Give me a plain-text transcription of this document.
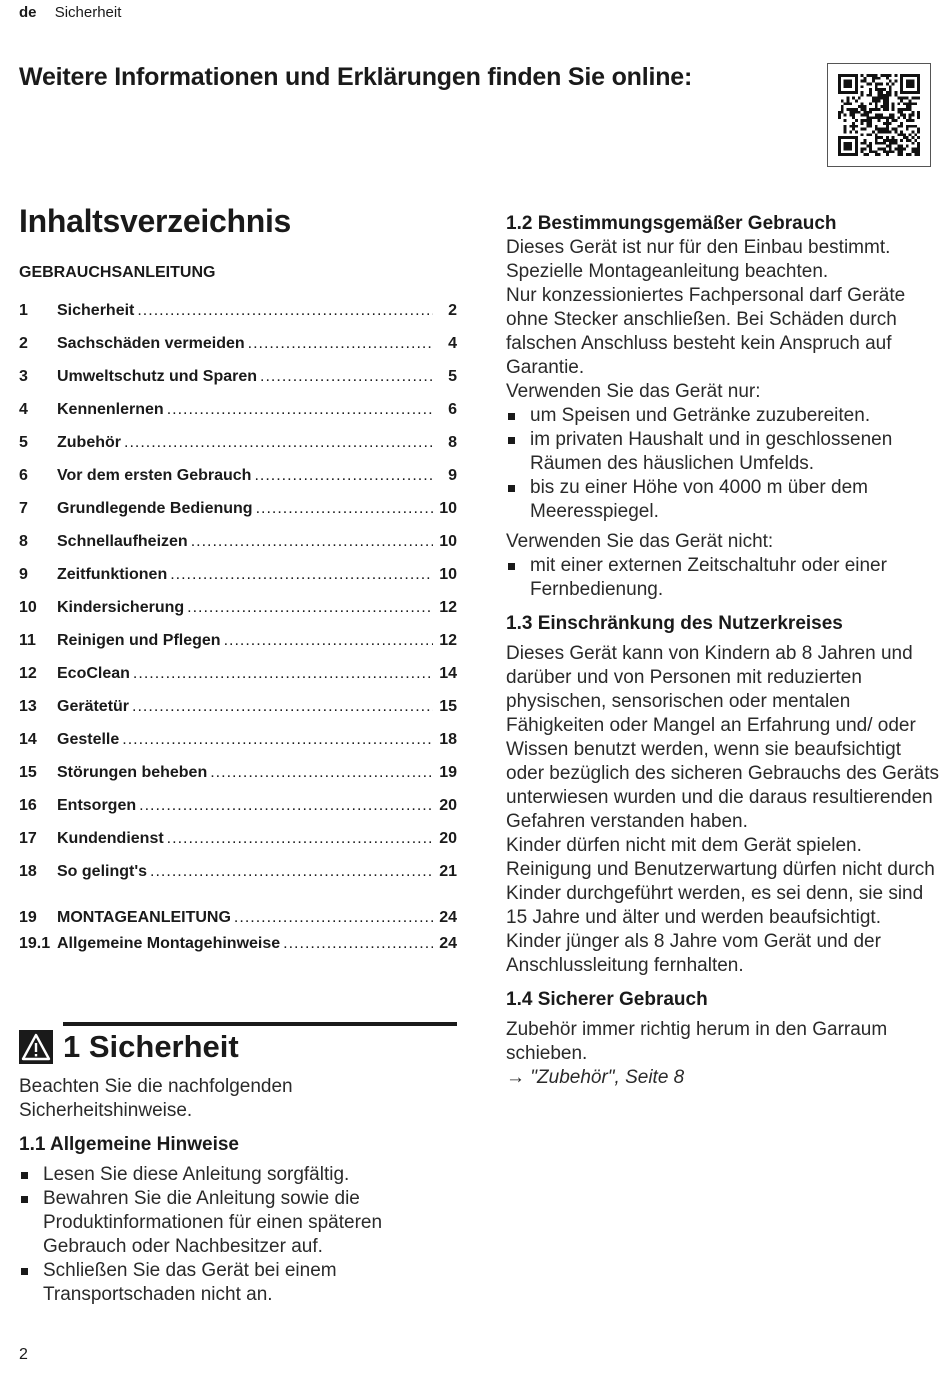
de Sicherheit
Weitere Informationen und Erklärungen finden Sie online:
Inhaltsverzeichnis
GEBRAUCHSANLEITUNG
1	Sicherheit .....	2
2	Sachschäden vermeiden .....	4
3	Umweltschutz und Sparen .....	5
4	Kennenlernen .....	6
5	Zubehör .....	8
6	Vor dem ersten Gebrauch .....	9
7	Grundlegende Bedienung .....	10
8	Schnellaufheizen .....	10
9	Zeitfunktionen .....	10
10	Kindersicherung .....	12
11	Reinigen und Pflegen .....	12
12	EcoClean .....	14
13	Gerätetür .....	15
14	Gestelle .....	18
15	Störungen beheben .....	19
16	Entsorgen .....	20
17	Kundendienst .....	20
18	So gelingt's .....	21
19	MONTAGEANLEITUNG .....	24
19.1 Allgemeine Montagehinweise .....	24
1 Sicherheit

Beachten Sie die nachfolgenden Sicherheitshinweise.

1.1 Allgemeine Hinweise
Lesen Sie diese Anleitung sorgfältig.
Bewahren Sie die Anleitung sowie die Produktinformationen für einen späteren Gebrauch oder Nachbesitzer auf.
Schließen Sie das Gerät bei einem Transportschaden nicht an.
1.2 Bestimmungsgemäßer Gebrauch

Dieses Gerät ist nur für den Einbau bestimmt. Spezielle Montageanleitung beachten.

Nur konzessioniertes Fachpersonal darf Geräte ohne Stecker anschließen. Bei Schäden durch falschen Anschluss besteht kein Anspruch auf Garantie.

Verwenden Sie das Gerät nur:

um Speisen und Getränke zuzubereiten.
im privaten Haushalt und in geschlossenen Räumen des häuslichen Umfelds.
bis zu einer Höhe von 4000 m über dem Meeresspiegel.

Verwenden Sie das Gerät nicht:

mit einer externen Zeitschaltuhr oder einer Fernbedienung.
1.3 Einschränkung des Nutzerkreises

Dieses Gerät kann von Kindern ab 8 Jahren und darüber und von Personen mit reduzierten physischen, sensorischen oder mentalen Fähigkeiten oder Mangel an Erfahrung und/ oder Wissen benutzt werden, wenn sie beaufsichtigt oder bezüglich des sicheren Gebrauchs des Geräts unterwiesen wurden und die daraus resultierenden Gefahren verstanden haben.

Kinder dürfen nicht mit dem Gerät spielen.

Reinigung und Benutzerwartung dürfen nicht durch Kinder durchgeführt werden, es sei denn, sie sind 15 Jahre und älter und werden beaufsichtigt.

Kinder jünger als 8 Jahre vom Gerät und der Anschlussleitung fernhalten.

1.4 Sicherer Gebrauch

Zubehör immer richtig herum in den Garraum schieben.

→ "Zubehör", Seite 8

2
